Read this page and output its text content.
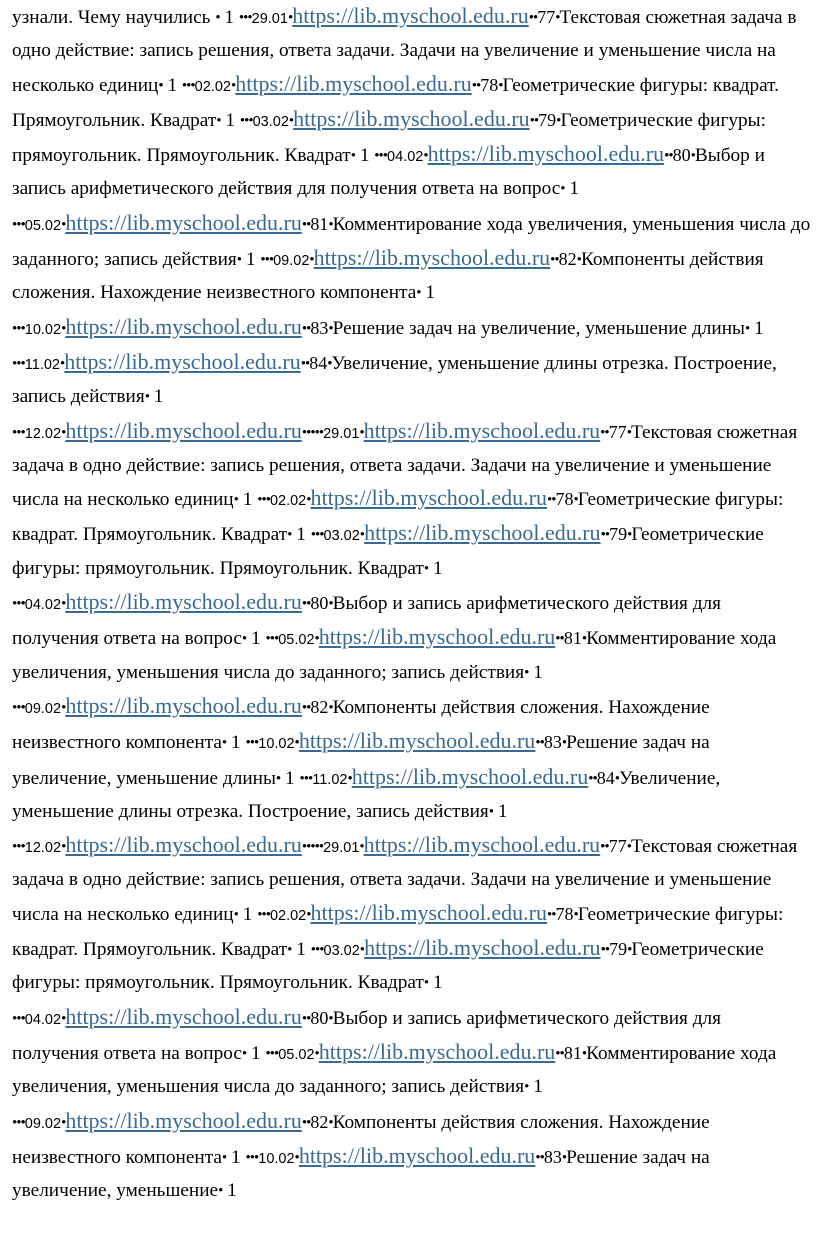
узнали. Чему научились • 1 •••29.01•https://lib.myschool.edu.ru••77•Текстовая сюжетная задача в одно действие: запись решения, ответа задачи. Задачи на увеличение и уменьшение числа на несколько единиц• 1 •••02.02•https://lib.myschool.edu.ru••78•Геометрические фигуры: квадрат. Прямоугольник. Квадрат• 1 •••03.02•https://lib.myschool.edu.ru••79•Геометрические фигуры: прямоугольник. Прямоугольник. Квадрат• 1 •••04.02•https://lib.myschool.edu.ru••80•Выбор и запись арифметического действия для получения ответа на вопрос• 1 •••05.02•https://lib.myschool.edu.ru••81•Комментирование хода увеличения, уменьшения числа до заданного; запись действия• 1 •••09.02•https://lib.myschool.edu.ru••82•Компоненты действия сложения. Нахождение неизвестного компонента• 1 •••10.02•https://lib.myschool.edu.ru••83•Решение задач на увеличение, уменьшение длины• 1 •••11.02•https://lib.myschool.edu.ru••84•Увеличение, уменьшение длины отрезка. Построение, запись действия• 1 •••12.02•https://lib.myschool.edu.ru•••••29.01•https://lib.myschool.edu.ru••77•Текстовая сюжетная задача в одно действие: запись решения, ответа задачи. Задачи на увеличение и уменьшение числа на несколько единиц• 1 •••02.02•https://lib.myschool.edu.ru••78•Геометрические фигуры: квадрат. Прямоугольник. Квадрат• 1 •••03.02•https://lib.myschool.edu.ru••79•Геометрические фигуры: прямоугольник. Прямоугольник. Квадрат• 1 •••04.02•https://lib.myschool.edu.ru••80•Выбор и запись арифметического действия для получения ответа на вопрос• 1 •••05.02•https://lib.myschool.edu.ru••81•Комментирование хода увеличения, уменьшения числа до заданного; запись действия• 1 •••09.02•https://lib.myschool.edu.ru••82•Компоненты действия сложения. Нахождение неизвестного компонента• 1 •••10.02•https://lib.myschool.edu.ru••83•Решение задач на увеличение, уменьшение длины• 1 •••11.02•https://lib.myschool.edu.ru••84•Увеличение, уменьшение длины отрезка. Построение, запись действия• 1 •••12.02•https://lib.myschool.edu.ru•••••29.01•https://lib.myschool.edu.ru••77•Текстовая сюжетная задача в одно действие: запись решения, ответа задачи. Задачи на увеличение и уменьшение числа на несколько единиц• 1 •••02.02•https://lib.myschool.edu.ru••78•Геометрические фигуры: квадрат. Прямоугольник. Квадрат• 1 •••03.02•https://lib.myschool.edu.ru••79•Геометрические фигуры: прямоугольник. Прямоугольник. Квадрат• 1 •••04.02•https://lib.myschool.edu.ru••80•Выбор и запись арифметического действия для получения ответа на вопрос• 1 •••05.02•https://lib.myschool.edu.ru••81•Комментирование хода увеличения, уменьшения числа до заданного; запись действия• 1 •••09.02•https://lib.myschool.edu.ru••82•Компоненты действия сложения. Нахождение неизвестного компонента• 1 •••10.02•https://lib.myschool.edu.ru••83•Решение задач на увеличение, уменьшение• 1
